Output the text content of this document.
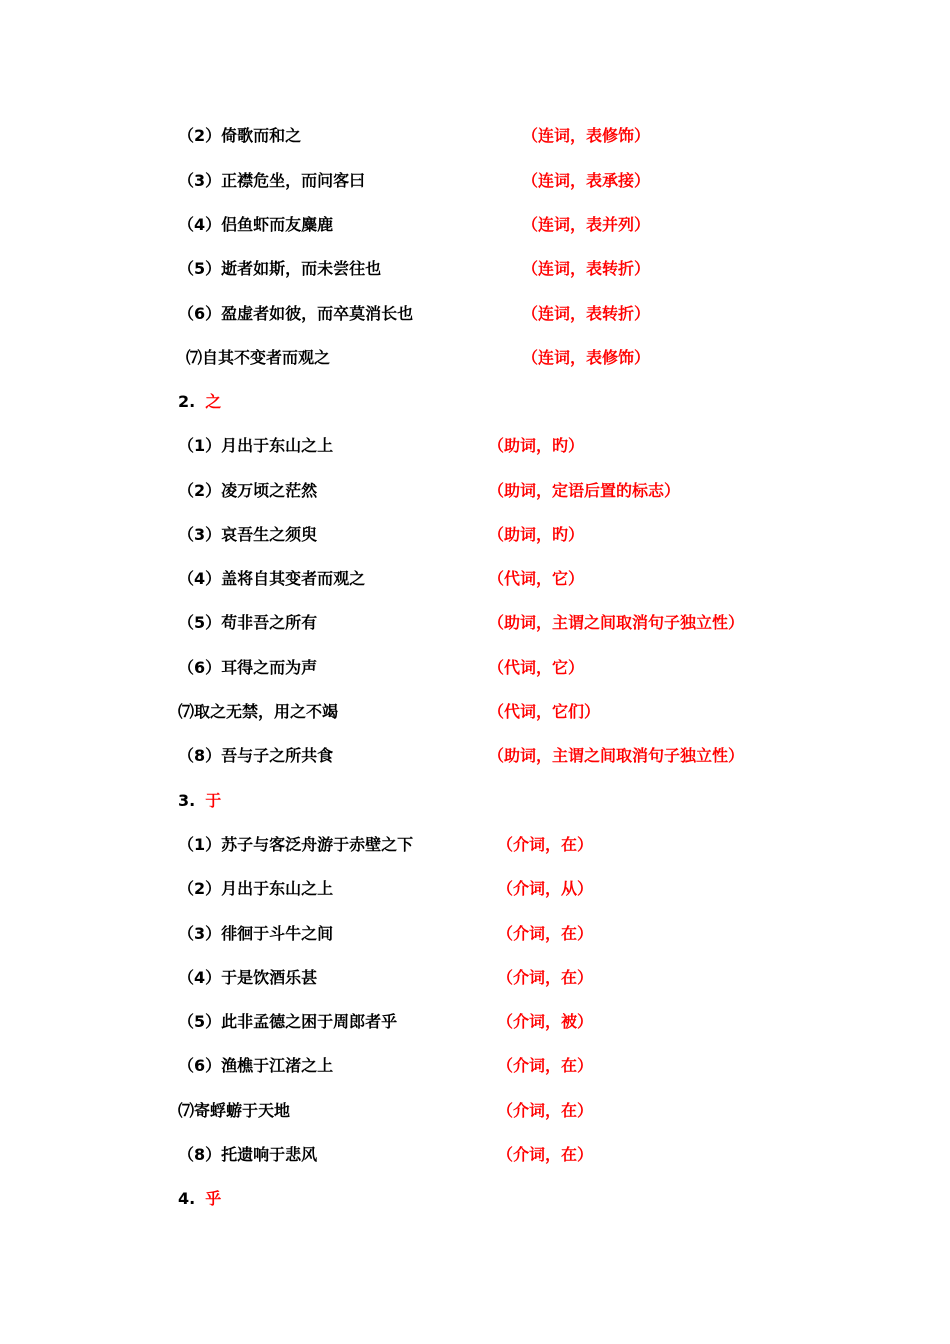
（2）倚歌而和之	（连词，表修饰）
（3）正襟危坐，而问客曰	（连词，表承接）
（4）侣鱼虾而友麋鹿	（连词，表并列）
（5）逝者如斯，而未尝往也	（连词，表转折）
（6）盈虚者如彼，而卒莫消长也	（连词，表转折）
⑺自其不变者而观之	（连词，表修饰）
2. 之
（1）月出于东山之上	（助词，旳）
（2）凌万顷之茫然	（助词，定语后置的标志）
（3）哀吾生之须臾	（助词，旳）
（4）盖将自其变者而观之	（代词，它）
（5）苟非吾之所有	（助词，主谓之间取消句子独立性）
（6）耳得之而为声	（代词，它）
⑺取之无禁，用之不竭	（代词，它们）
（8）吾与子之所共食	（助词，主谓之间取消句子独立性）
3. 于
（1）苏子与客泛舟游于赤壁之下	（介词，在）
（2）月出于东山之上	（介词，从）
（3）徘徊于斗牛之间	（介词，在）
（4）于是饮酒乐甚	（介词，在）
（5）此非孟德之困于周郎者乎	（介词，被）
（6）渔樵于江渚之上	（介词，在）
⑺寄蜉蝣于天地	（介词，在）
（8）托遗响于悲风	（介词，在）
4. 乎
